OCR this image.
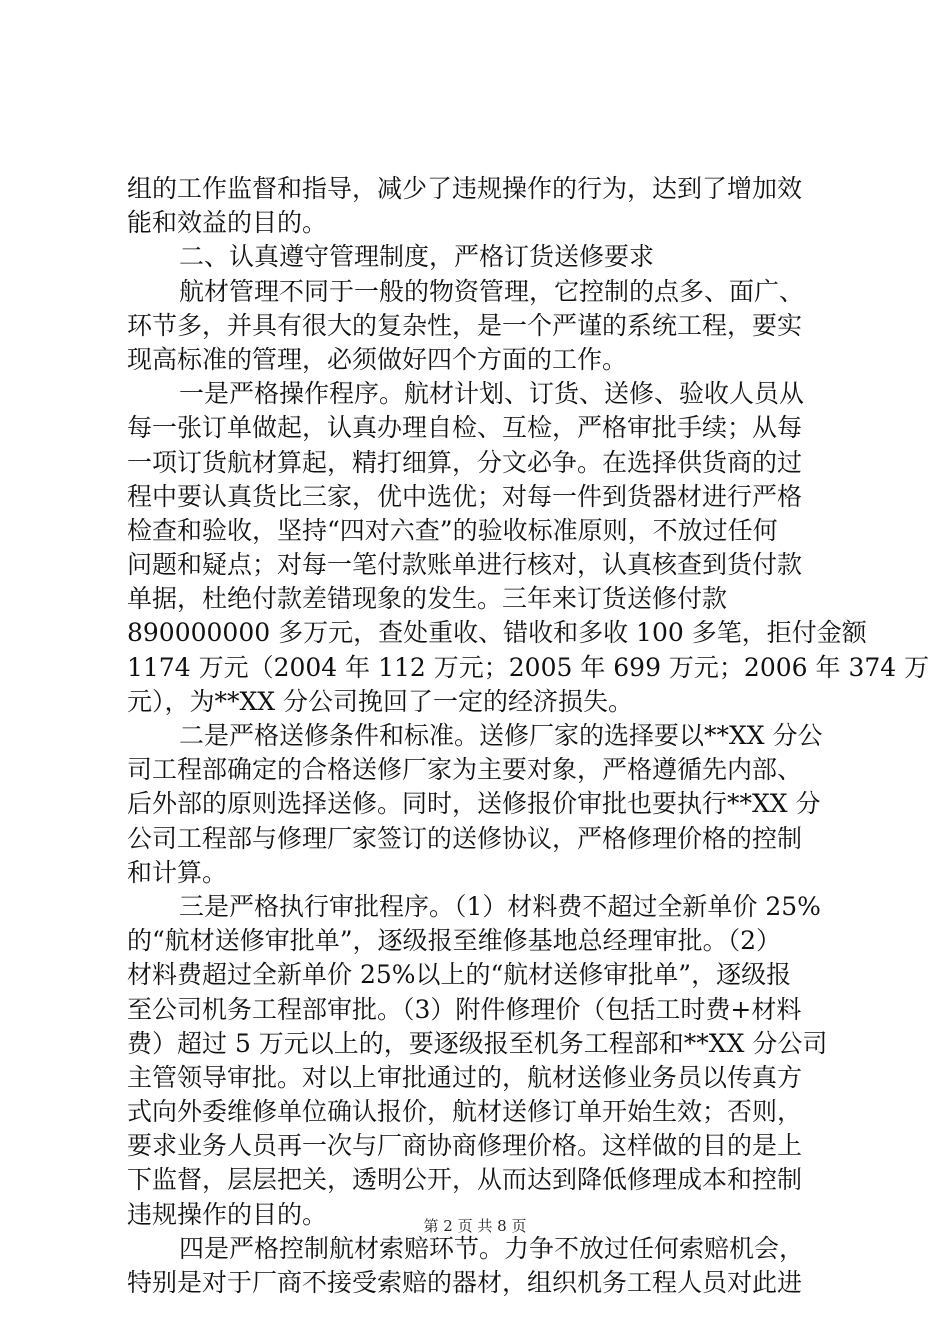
组的工作监督和指导，减少了违规操作的行为，达到了增加效
能和效益的目的。
二、认真遵守管理制度，严格订货送修要求
航材管理不同于一般的物资管理，它控制的点多、面广、
环节多，并具有很大的复杂性，是一个严谨的系统工程，要实
现高标准的管理，必须做好四个方面的工作。
一是严格操作程序。航材计划、订货、送修、验收人员从
每一张订单做起，认真办理自检、互检，严格审批手续；从每
一项订货航材算起，精打细算，分文必争。在选择供货商的过
程中要认真货比三家，优中选优；对每一件到货器材进行严格
检查和验收，坚持“四对六查”的验收标准原则，不放过任何
问题和疑点；对每一笔付款账单进行核对，认真核查到货付款
单据，杜绝付款差错现象的发生。三年来订货送修付款
890000000 多万元，查处重收、错收和多收 100 多笔，拒付金额
1174 万元（2004 年 112 万元；2005 年 699 万元；2006 年 374 万
元），为**XX 分公司挽回了一定的经济损失。
二是严格送修条件和标准。送修厂家的选择要以**XX 分公
司工程部确定的合格送修厂家为主要对象，严格遵循先内部、
后外部的原则选择送修。同时，送修报价审批也要执行**XX 分
公司工程部与修理厂家签订的送修协议，严格修理价格的控制
和计算。
三是严格执行审批程序。（1）材料费不超过全新单价 25%
的“航材送修审批单”，逐级报至维修基地总经理审批。（2）
材料费超过全新单价 25%以上的“航材送修审批单”，逐级报
至公司机务工程部审批。（3）附件修理价（包括工时费+材料
费）超过 5 万元以上的，要逐级报至机务工程部和**XX 分公司
主管领导审批。对以上审批通过的，航材送修业务员以传真方
式向外委维修单位确认报价，航材送修订单开始生效；否则，
要求业务人员再一次与厂商协商修理价格。这样做的目的是上
下监督，层层把关，透明公开，从而达到降低修理成本和控制
违规操作的目的。
四是严格控制航材索赔环节。力争不放过任何索赔机会，
特别是对于厂商不接受索赔的器材，组织机务工程人员对此进
第 2 页 共 8 页
